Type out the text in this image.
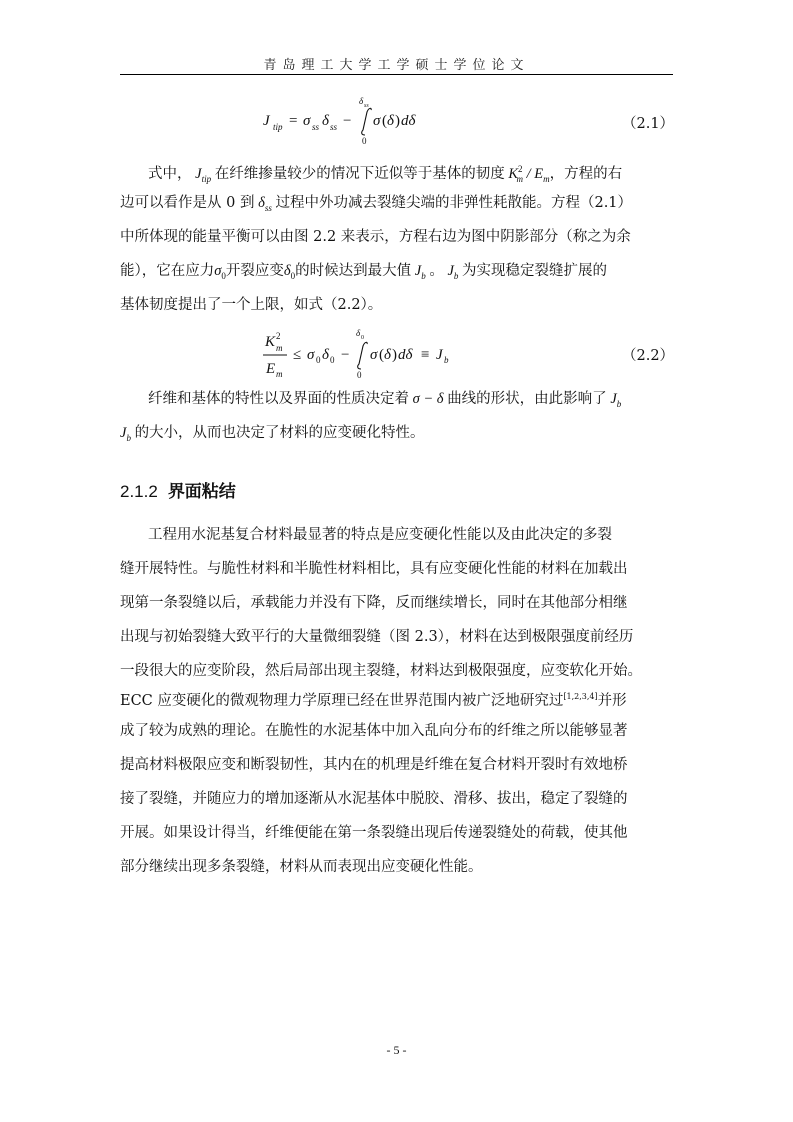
青岛理工大学工学硕士学位论文
J tip = σ ss δ ss −
δ ss
0
σ ( δ ) dδ	（2.1）
式中， $J_{tip}$ 在纤维掺量较少的情况下近似等于基体的韧度 $K^2_m / E_m$，方程的右
边可以看作是从 0 到 $\delta_{ss}$ 过程中外功减去裂缝尖端的非弹性耗散能。方程（2.1）
中所体现的能量平衡可以由图 2.2 来表示，方程右边为图中阴影部分（称之为余
能），它在应力$\sigma_0$开裂应变$\delta_0$的时候达到最大值 $J_b$ 。 $J_b$ 为实现稳定裂缝扩展的
基体韧度提出了一个上限，如式（2.2）。
K 2
m
E m
≤ σ 0 δ 0 −
δ 0
0
σ ( δ ) dδ ≡ J b	（2.2）
纤维和基体的特性以及界面的性质决定着 σ − δ 曲线的形状，由此影响了 $J_b$
$J_b$ 的大小，从而也决定了材料的应变硬化特性。
2.1.2 界面粘结
工程用水泥基复合材料最显著的特点是应变硬化性能以及由此决定的多裂
缝开展特性。与脆性材料和半脆性材料相比，具有应变硬化性能的材料在加载出
现第一条裂缝以后，承载能力并没有下降，反而继续增长，同时在其他部分相继
出现与初始裂缝大致平行的大量微细裂缝（图 2.3），材料在达到极限强度前经历
一段很大的应变阶段，然后局部出现主裂缝，材料达到极限强度，应变软化开始。
ECC 应变硬化的微观物理力学原理已经在世界范围内被广泛地研究过[1,2,3,4]并形
成了较为成熟的理论。在脆性的水泥基体中加入乱向分布的纤维之所以能够显著
提高材料极限应变和断裂韧性，其内在的机理是纤维在复合材料开裂时有效地桥
接了裂缝，并随应力的增加逐渐从水泥基体中脱胶、滑移、拔出，稳定了裂缝的
开展。如果设计得当，纤维便能在第一条裂缝出现后传递裂缝处的荷载，使其他
部分继续出现多条裂缝，材料从而表现出应变硬化性能。
- 5 -
